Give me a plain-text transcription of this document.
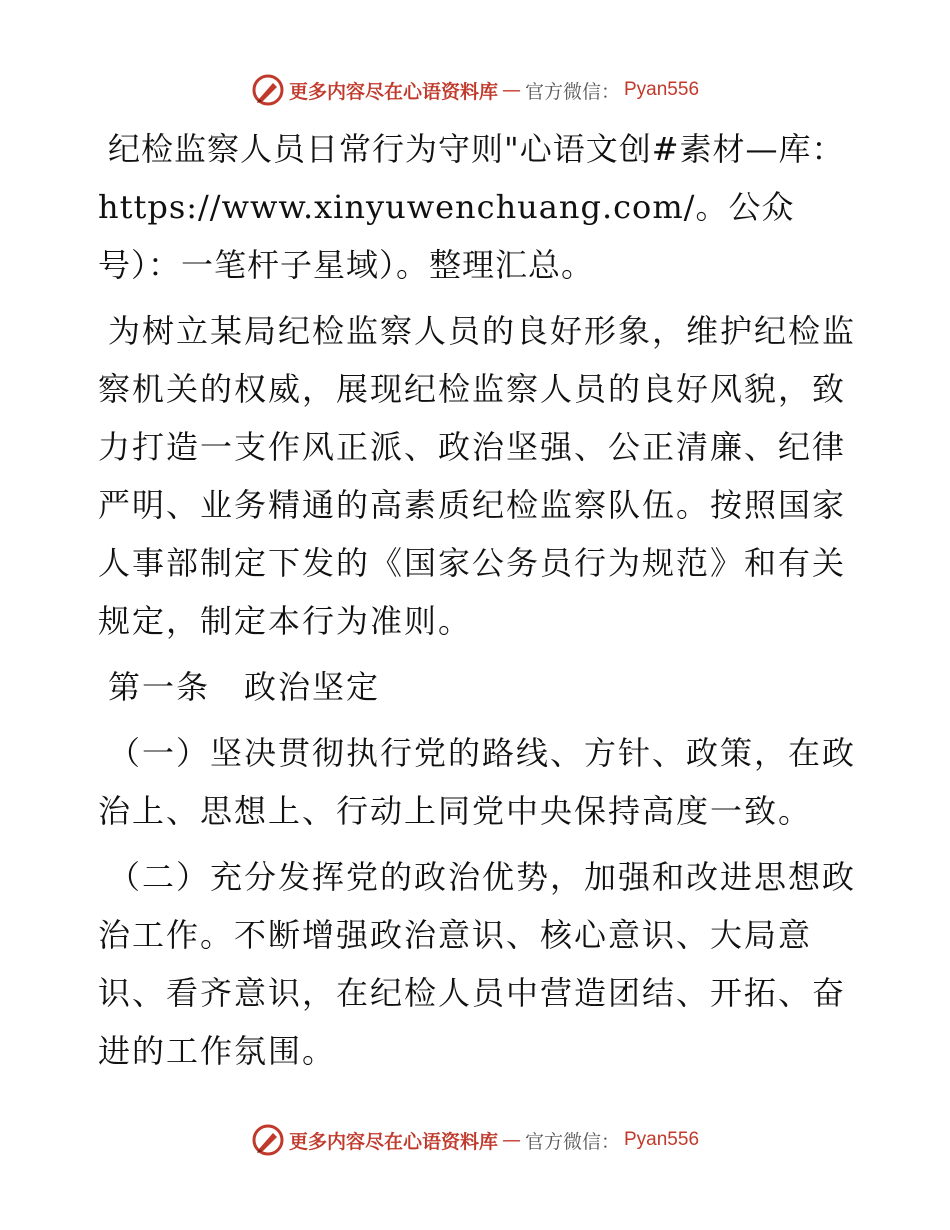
更多内容尽在心语资料库 — 官方微信： Pyan556

纪检监察人员日常行为守则"心语文创#素材—库：https://www.xinyuwenchuang.com/。公众号）：一笔杆子星域）。整理汇总。

为树立某局纪检监察人员的良好形象，维护纪检监察机关的权威，展现纪检监察人员的良好风貌，致力打造一支作风正派、政治坚强、公正清廉、纪律严明、业务精通的高素质纪检监察队伍。按照国家人事部制定下发的《国家公务员行为规范》和有关规定，制定本行为准则。

第一条　政治坚定

（一）坚决贯彻执行党的路线、方针、政策，在政治上、思想上、行动上同党中央保持高度一致。

（二）充分发挥党的政治优势，加强和改进思想政治工作。不断增强政治意识、核心意识、大局意识、看齐意识，在纪检人员中营造团结、开拓、奋进的工作氛围。

更多内容尽在心语资料库 — 官方微信： Pyan556
